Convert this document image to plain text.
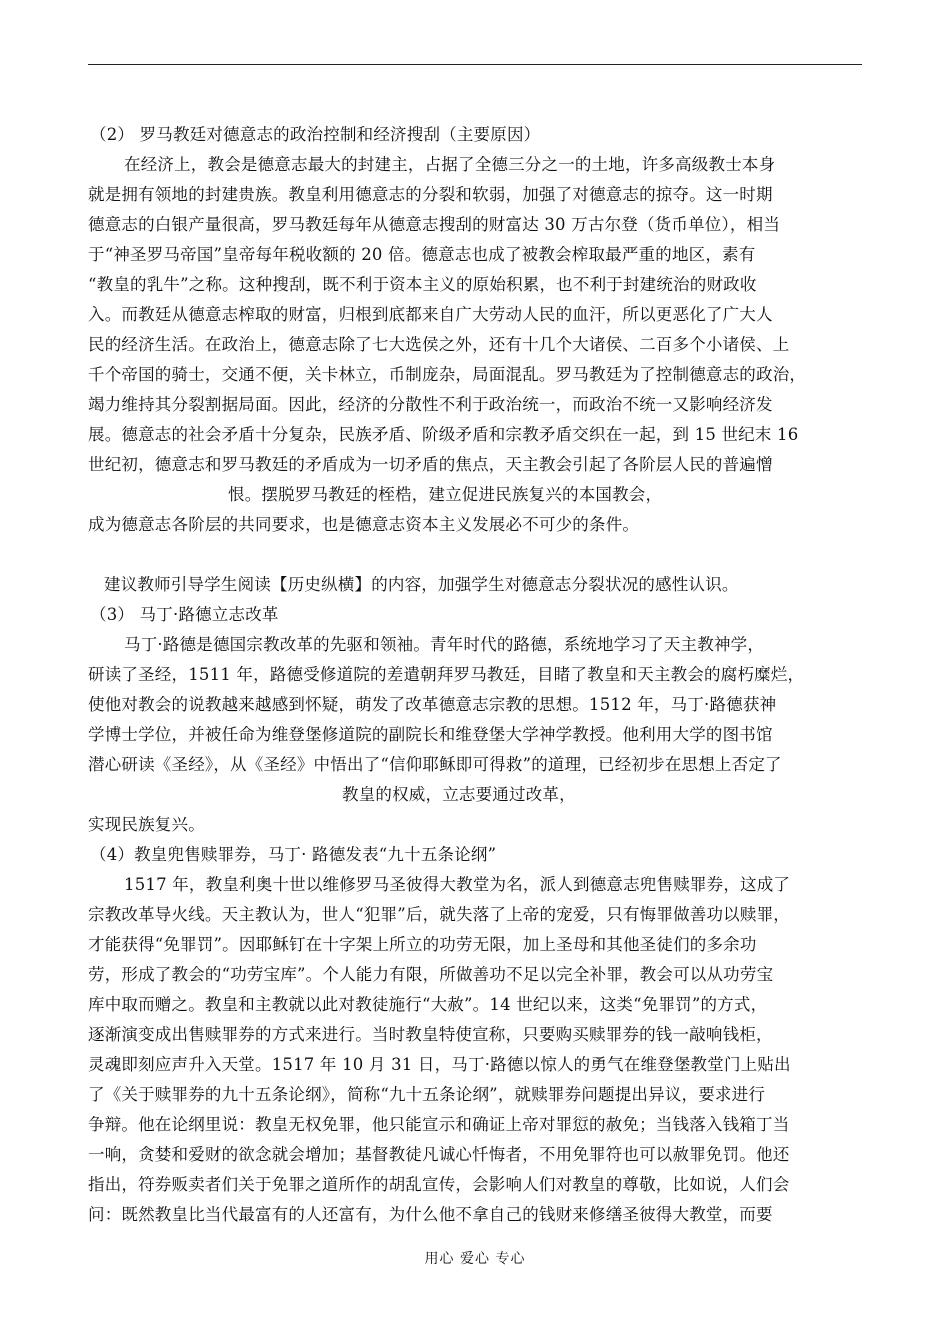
（2） 罗马教廷对德意志的政治控制和经济搜刮（主要原因）
在经济上，教会是德意志最大的封建主，占据了全德三分之一的土地，许多高级教士本身
就是拥有领地的封建贵族。教皇利用德意志的分裂和软弱，加强了对德意志的掠夺。这一时期
德意志的白银产量很高，罗马教廷每年从德意志搜刮的财富达 30 万古尔登（货币单位），相当
于“神圣罗马帝国”皇帝每年税收额的 20 倍。德意志也成了被教会榨取最严重的地区，素有
“教皇的乳牛”之称。这种搜刮，既不利于资本主义的原始积累，也不利于封建统治的财政收
入。而教廷从德意志榨取的财富，归根到底都来自广大劳动人民的血汗，所以更恶化了广大人
民的经济生活。在政治上，德意志除了七大选侯之外，还有十几个大诸侯、二百多个小诸侯、上
千个帝国的骑士，交通不便，关卡林立，币制庞杂，局面混乱。罗马教廷为了控制德意志的政治，
竭力维持其分裂割据局面。因此，经济的分散性不利于政治统一，而政治不统一又影响经济发
展。德意志的社会矛盾十分复杂，民族矛盾、阶级矛盾和宗教矛盾交织在一起，到 15 世纪末 16
世纪初，德意志和罗马教廷的矛盾成为一切矛盾的焦点，天主教会引起了各阶层人民的普遍憎
恨。摆脱罗马教廷的桎梏，建立促进民族复兴的本国教会，
成为德意志各阶层的共同要求，也是德意志资本主义发展必不可少的条件。
建议教师引导学生阅读【历史纵横】的内容，加强学生对德意志分裂状况的感性认识。
（3） 马丁·路德立志改革
马丁·路德是德国宗教改革的先驱和领袖。青年时代的路德，系统地学习了天主教神学，
研读了圣经，1511 年，路德受修道院的差遣朝拜罗马教廷，目睹了教皇和天主教会的腐朽糜烂，
使他对教会的说教越来越感到怀疑，萌发了改革德意志宗教的思想。1512 年，马丁·路德获神
学博士学位，并被任命为维登堡修道院的副院长和维登堡大学神学教授。他利用大学的图书馆
潜心研读《圣经》，从《圣经》中悟出了“信仰耶稣即可得救”的道理，已经初步在思想上否定了
教皇的权威，立志要通过改革，
实现民族复兴。
（4）教皇兜售赎罪券，马丁· 路德发表“九十五条论纲”
1517 年，教皇利奥十世以维修罗马圣彼得大教堂为名，派人到德意志兜售赎罪券，这成了
宗教改革导火线。天主教认为，世人“犯罪”后，就失落了上帝的宠爱，只有悔罪做善功以赎罪，
才能获得“免罪罚”。因耶稣钉在十字架上所立的功劳无限，加上圣母和其他圣徒们的多余功
劳，形成了教会的“功劳宝库”。个人能力有限，所做善功不足以完全补罪，教会可以从功劳宝
库中取而赠之。教皇和主教就以此对教徒施行“大赦”。14 世纪以来，这类“免罪罚”的方式，
逐渐演变成出售赎罪券的方式来进行。当时教皇特使宣称，只要购买赎罪券的钱一敲响钱柜，
灵魂即刻应声升入天堂。1517 年 10 月 31 日，马丁·路德以惊人的勇气在维登堡教堂门上贴出
了《关于赎罪券的九十五条论纲》，简称“九十五条论纲”，就赎罪券问题提出异议，要求进行
争辩。他在论纲里说：教皇无权免罪，他只能宣示和确证上帝对罪愆的赦免；当钱落入钱箱丁当
一响，贪婪和爱财的欲念就会增加；基督教徒凡诚心忏悔者，不用免罪符也可以赦罪免罚。他还
指出，符券贩卖者们关于免罪之道所作的胡乱宣传，会影响人们对教皇的尊敬，比如说，人们会
问：既然教皇比当代最富有的人还富有，为什么他不拿自己的钱财来修缮圣彼得大教堂，而要
用心 爱心 专心
